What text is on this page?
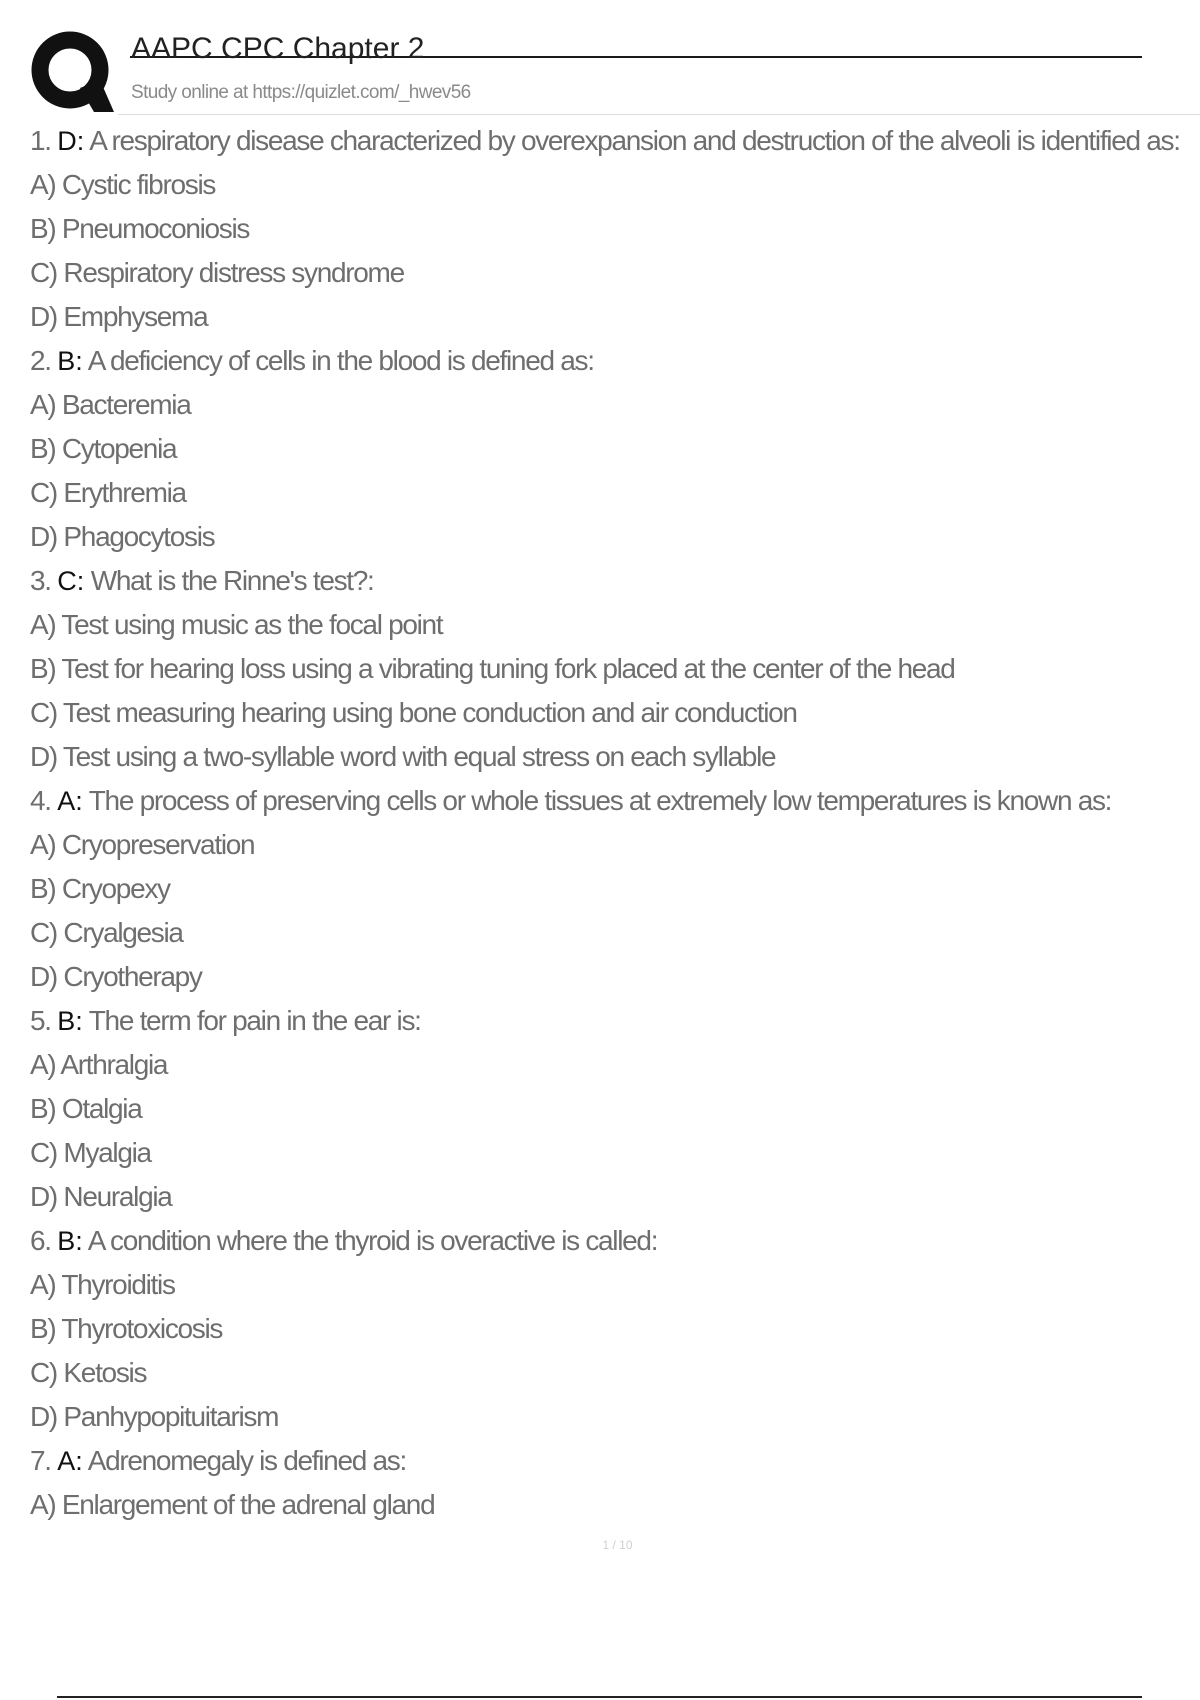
AAPC CPC Chapter 2

Study online at https://quizlet.com/_hwev56

1. D: A respiratory disease characterized by overexpansion and destruction of the alveoli is identified as:
A) Cystic fibrosis
B) Pneumoconiosis
C) Respiratory distress syndrome
D) Emphysema
2. B: A deficiency of cells in the blood is defined as:
A) Bacteremia
B) Cytopenia
C) Erythremia
D) Phagocytosis
3. C: What is the Rinne's test?:
A) Test using music as the focal point
B) Test for hearing loss using a vibrating tuning fork placed at the center of the head
C) Test measuring hearing using bone conduction and air conduction
D) Test using a two-syllable word with equal stress on each syllable
4. A: The process of preserving cells or whole tissues at extremely low temperatures is known as:
A) Cryopreservation
B) Cryopexy
C) Cryalgesia
D) Cryotherapy
5. B: The term for pain in the ear is:
A) Arthralgia
B) Otalgia
C) Myalgia
D) Neuralgia
6. B: A condition where the thyroid is overactive is called:
A) Thyroiditis
B) Thyrotoxicosis
C) Ketosis
D) Panhypopituitarism
7. A: Adrenomegaly is defined as:
A) Enlargement of the adrenal gland
1 / 10
